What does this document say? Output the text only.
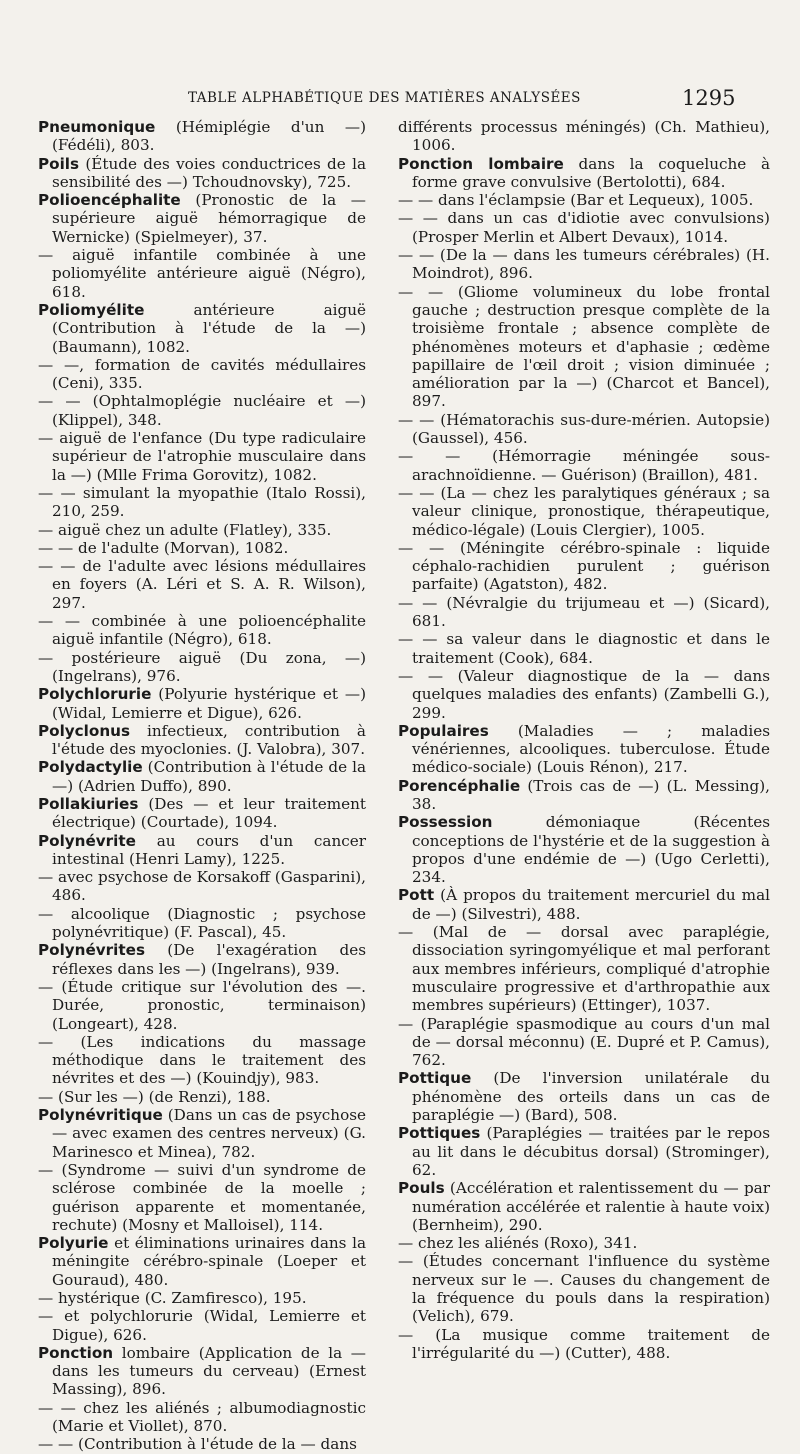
TABLE ALPHABÉTIQUE DES MATIÈRES ANALYSÉES	1295

Pneumonique (Hémiplégie d'un —) (Fédéli), 803.

Poils (Étude des voies conductrices de la sensibilité des —) Tchoudnovsky), 725.

Polioencéphalite (Pronostic de la — supérieure aiguë hémorragique de Wernicke) (Spielmeyer), 37.

— aiguë infantile combinée à une poliomyélite antérieure aiguë (Négro), 618.

Poliomyélite antérieure aiguë (Contribution à l'étude de la —) (Baumann), 1082.

— —, formation de cavités médullaires (Ceni), 335.

— — (Ophtalmoplégie nucléaire et —) (Klippel), 348.

— aiguë de l'enfance (Du type radiculaire supérieur de l'atrophie musculaire dans la —) (Mlle Frima Gorovitz), 1082.

— — simulant la myopathie (Italo Rossi), 210, 259.

— aiguë chez un adulte (Flatley), 335.

— — de l'adulte (Morvan), 1082.

— — de l'adulte avec lésions médullaires en foyers (A. Léri et S. A. R. Wilson), 297.

— — combinée à une polioencéphalite aiguë infantile (Négro), 618.

— postérieure aiguë (Du zona, —) (Ingelrans), 976.

Polychlorurie (Polyurie hystérique et —) (Widal, Lemierre et Digue), 626.

Polyclonus infectieux, contribution à l'étude des myoclonies. (J. Valobra), 307.

Polydactylie (Contribution à l'étude de la —) (Adrien Duffo), 890.

Pollakiuries (Des — et leur traitement électrique) (Courtade), 1094.

Polynévrite au cours d'un cancer intestinal (Henri Lamy), 1225.

— avec psychose de Korsakoff (Gasparini), 486.

— alcoolique (Diagnostic ; psychose polynévritique) (F. Pascal), 45.

Polynévrites (De l'exagération des réflexes dans les —) (Ingelrans), 939.

— (Étude critique sur l'évolution des —. Durée, pronostic, terminaison) (Longeart), 428.

— (Les indications du massage méthodique dans le traitement des névrites et des —) (Kouindjy), 983.

— (Sur les —) (de Renzi), 188.

Polynévritique (Dans un cas de psychose — avec examen des centres nerveux) (G. Marinesco et Minea), 782.

— (Syndrome — suivi d'un syndrome de sclérose combinée de la moelle ; guérison apparente et momentanée, rechute) (Mosny et Malloisel), 114.

Polyurie et éliminations urinaires dans la méningite cérébro-spinale (Loeper et Gouraud), 480.

— hystérique (C. Zamfiresco), 195.

— et polychlorurie (Widal, Lemierre et Digue), 626.

Ponction lombaire (Application de la — dans les tumeurs du cerveau) (Ernest Massing), 896.

— — chez les aliénés ; albumodiagnostic (Marie et Viollet), 870.

— — (Contribution à l'étude de la — dans

différents processus méningés) (Ch. Mathieu), 1006.

Ponction lombaire dans la coqueluche à forme grave convulsive (Bertolotti), 684.

— — dans l'éclampsie (Bar et Lequeux), 1005.

— — dans un cas d'idiotie avec convulsions) (Prosper Merlin et Albert Devaux), 1014.

— — (De la — dans les tumeurs cérébrales) (H. Moindrot), 896.

— — (Gliome volumineux du lobe frontal gauche ; destruction presque complète de la troisième frontale ; absence complète de phénomènes moteurs et d'aphasie ; œdème papillaire de l'œil droit ; vision diminuée ; amélioration par la —) (Charcot et Bancel), 897.

— — (Hématorachis sus-dure-mérien. Autopsie) (Gaussel), 456.

— — (Hémorragie méningée sous-arachnoïdienne. — Guérison) (Braillon), 481.

— — (La — chez les paralytiques généraux ; sa valeur clinique, pronostique, thérapeutique, médico-légale) (Louis Clergier), 1005.

— — (Méningite cérébro-spinale : liquide céphalo-rachidien purulent ; guérison parfaite) (Agatston), 482.

— — (Névralgie du trijumeau et —) (Sicard), 681.

— — sa valeur dans le diagnostic et dans le traitement (Cook), 684.

— — (Valeur diagnostique de la — dans quelques maladies des enfants) (Zambelli G.), 299.

Populaires (Maladies — ; maladies vénériennes, alcooliques. tuberculose. Étude médico-sociale) (Louis Rénon), 217.

Porencéphalie (Trois cas de —) (L. Messing), 38.

Possession démoniaque (Récentes conceptions de l'hystérie et de la suggestion à propos d'une endémie de —) (Ugo Cerletti), 234.

Pott (À propos du traitement mercuriel du mal de —) (Silvestri), 488.

— (Mal de — dorsal avec paraplégie, dissociation syringomyélique et mal perforant aux membres inférieurs, compliqué d'atrophie musculaire progressive et d'arthropathie aux membres supérieurs) (Ettinger), 1037.

— (Paraplégie spasmodique au cours d'un mal de — dorsal méconnu) (E. Dupré et P. Camus), 762.

Pottique (De l'inversion unilatérale du phénomène des orteils dans un cas de paraplégie —) (Bard), 508.

Pottiques (Paraplégies — traitées par le repos au lit dans le décubitus dorsal) (Strominger), 62.

Pouls (Accélération et ralentissement du — par numération accélérée et ralentie à haute voix) (Bernheim), 290.

— chez les aliénés (Roxo), 341.

— (Études concernant l'influence du système nerveux sur le —. Causes du changement de la fréquence du pouls dans la respiration) (Velich), 679.

— (La musique comme traitement de l'irrégularité du —) (Cutter), 488.
